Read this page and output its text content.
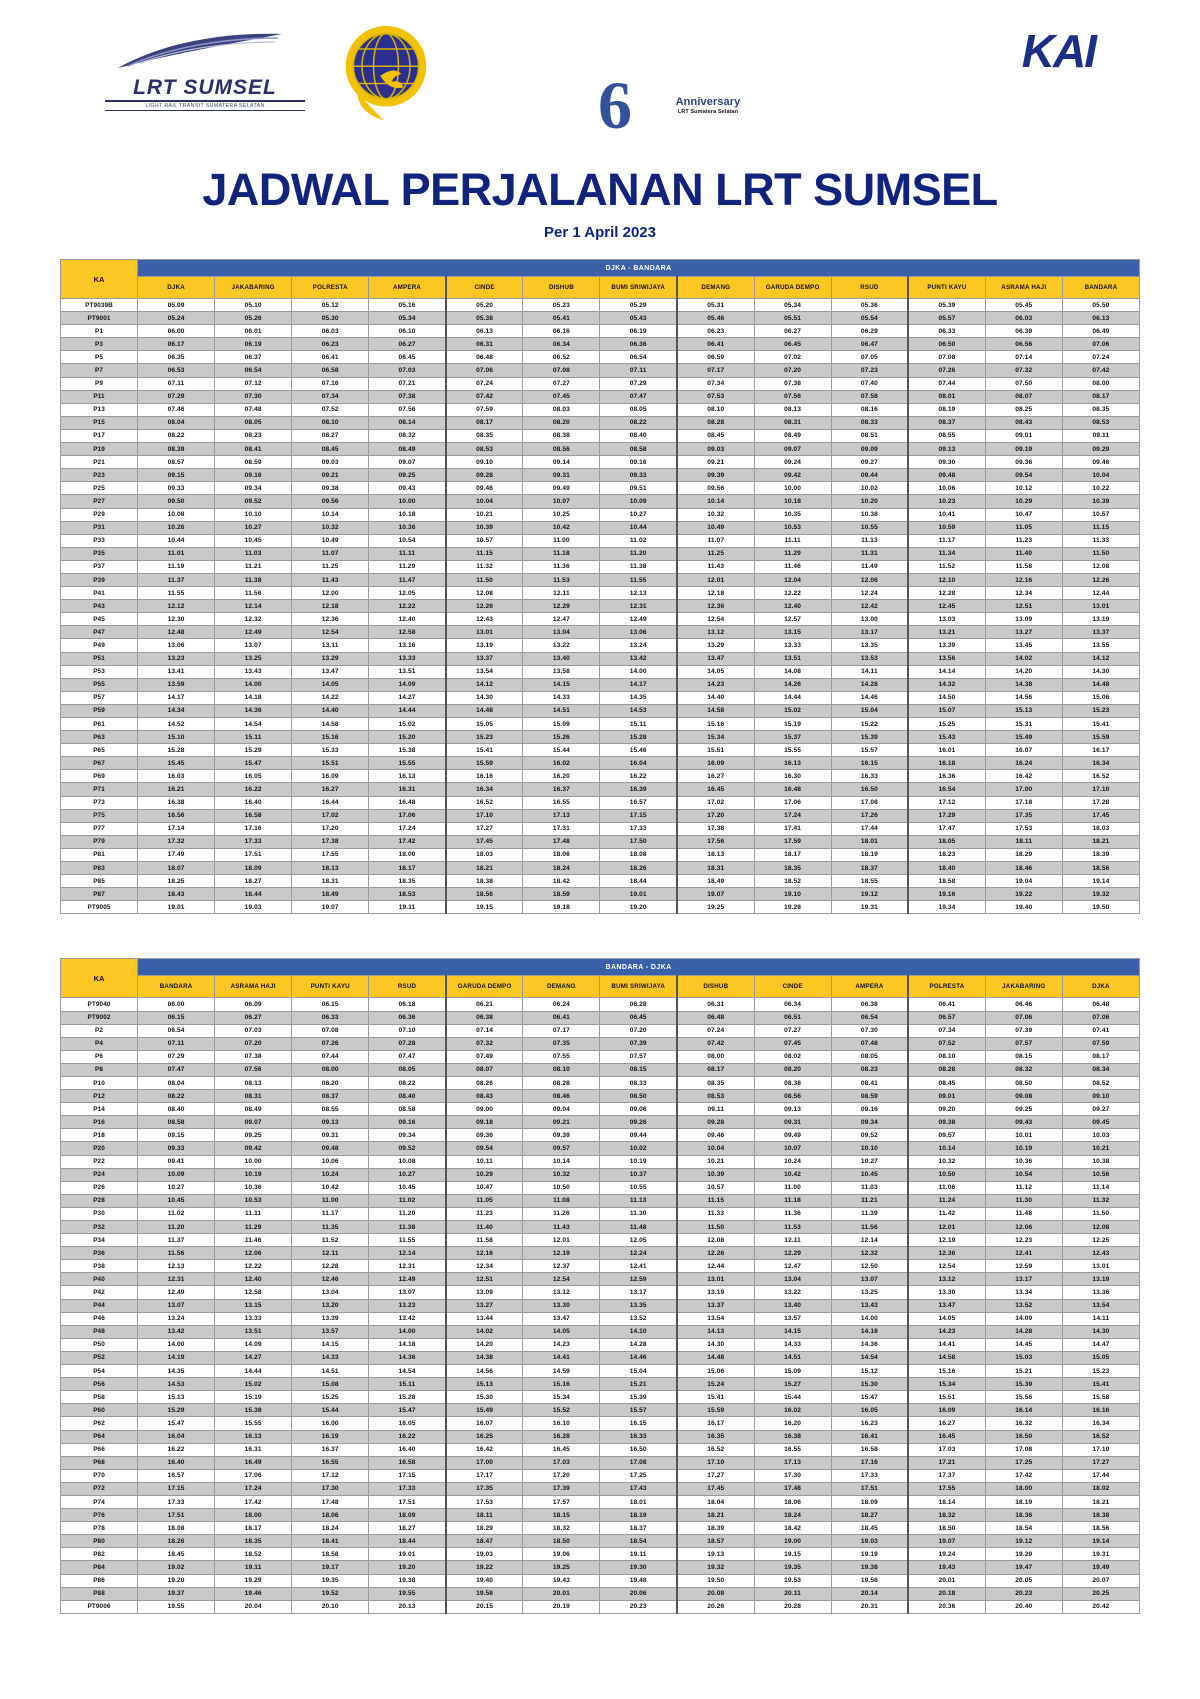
LRT SUMSEL
LIGHT RAIL TRANSIT SUMATERA SELATAN	6	Anniversary
LRT Sumatera Selatan
KAI
JADWAL PERJALANAN LRT SUMSEL
Per 1 April 2023
KA	DJKA - BANDARA												
	DJKA	JAKABARING	POLRESTA	AMPERA	CINDE	DISHUB	BUMI SRIWIJAYA	DEMANG	GARUDA DEMPO	RSUD	PUNTI KAYU	ASRAMA HAJI	BANDARA
PT9039B	05.09	05.10	05.12	05.16	05.20	05.23	05.29	05.31	05.34	05.36	05.39	05.45	05.50
PT9001	05.24	05.26	05.30	05.34	05.38	05.41	05.43	05.46	05.51	05.54	05.57	06.03	06.13
P1	06.00	06.01	06.03	06.10	06.13	06.16	06.19	06.23	06.27	06.29	06.33	06.39	06.49
P3	06.17	06.19	06.23	06.27	06.31	06.34	06.36	06.41	06.45	06.47	06.50	06.56	07.06
P5	06.35	06.37	06.41	06.45	06.48	06.52	06.54	06.59	07.02	07.05	07.08	07.14	07.24
P7	06.53	06.54	06.58	07.03	07.06	07.08	07.11	07.17	07.20	07.23	07.26	07.32	07.42
P9	07.11	07.12	07.16	07.21	07.24	07.27	07.29	07.34	07.38	07.40	07.44	07.50	08.00
P11	07.29	07.30	07.34	07.38	07.42	07.45	07.47	07.53	07.56	07.58	08.01	08.07	08.17
P13	07.46	07.48	07.52	07.56	07.59	08.03	08.05	08.10	08.13	08.16	08.19	08.25	08.35
P15	08.04	08.05	08.10	08.14	08.17	08.20	08.22	08.28	08.31	08.33	08.37	08.43	08.53
P17	08.22	08.23	08.27	08.32	08.35	08.38	08.40	08.45	08.49	08.51	08.55	09.01	09.11
P19	08.39	08.41	08.45	08.49	08.53	08.56	08.58	09.03	09.07	09.09	09.13	09.19	09.29
P21	08.57	08.59	09.03	09.07	09.10	09.14	09.16	09.21	09.24	09.27	09.30	09.36	09.46
P23	09.15	09.16	09.21	09.25	09.28	09.31	09.33	09.39	09.42	09.44	09.48	09.54	10.04
P25	09.33	09.34	09.38	09.43	09.46	09.49	09.51	09.56	10.00	10.02	10.06	10.12	10.22
P27	09.50	09.52	09.56	10.00	10.04	10.07	10.09	10.14	10.18	10.20	10.23	10.29	10.39
P29	10.08	10.10	10.14	10.18	10.21	10.25	10.27	10.32	10.35	10.38	10.41	10.47	10.57
P31	10.26	10.27	10.32	10.36	10.39	10.42	10.44	10.49	10.53	10.55	10.59	11.05	11.15
P33	10.44	10.45	10.49	10.54	10.57	11.00	11.02	11.07	11.11	11.13	11.17	11.23	11.33
P35	11.01	11.03	11.07	11.11	11.15	11.18	11.20	11.25	11.29	11.31	11.34	11.40	11.50
P37	11.19	11.21	11.25	11.29	11.32	11.36	11.38	11.43	11.46	11.49	11.52	11.58	12.08
P39	11.37	11.38	11.43	11.47	11.50	11.53	11.55	12.01	12.04	12.06	12.10	12.16	12.26
P41	11.55	11.56	12.00	12.05	12.08	12.11	12.13	12.18	12.22	12.24	12.28	12.34	12.44
P43	12.12	12.14	12.18	12.22	12.26	12.29	12.31	12.36	12.40	12.42	12.45	12.51	13.01
P45	12.30	12.32	12.36	12.40	12.43	12.47	12.49	12.54	12.57	13.00	13.03	13.09	13.19
P47	12.48	12.49	12.54	12.58	13.01	13.04	13.06	13.12	13.15	13.17	13.21	13.27	13.37
P49	13.06	13.07	13.11	13.16	13.19	13.22	13.24	13.29	13.33	13.35	13.39	13.45	13.55
P51	13.23	13.25	13.29	13.33	13.37	13.40	13.42	13.47	13.51	13.53	13.56	14.02	14.12
P53	13.41	13.43	13.47	13.51	13.54	13.58	14.00	14.05	14.08	14.11	14.14	14.20	14.30
P55	13.59	14.00	14.05	14.09	14.12	14.15	14.17	14.23	14.26	14.28	14.32	14.38	14.48
P57	14.17	14.18	14.22	14.27	14.30	14.33	14.35	14.40	14.44	14.46	14.50	14.56	15.06
P59	14.34	14.36	14.40	14.44	14.48	14.51	14.53	14.58	15.02	15.04	15.07	15.13	15.23
P61	14.52	14.54	14.58	15.02	15.05	15.09	15.11	15.16	15.19	15.22	15.25	15.31	15.41
P63	15.10	15.11	15.16	15.20	15.23	15.26	15.28	15.34	15.37	15.39	15.43	15.49	15.59
P65	15.28	15.29	15.33	15.38	15.41	15.44	15.46	15.51	15.55	15.57	16.01	16.07	16.17
P67	15.45	15.47	15.51	15.55	15.59	16.02	16.04	16.09	16.13	16.15	16.18	16.24	16.34
P69	16.03	16.05	16.09	16.13	16.16	16.20	16.22	16.27	16.30	16.33	16.36	16.42	16.52
P71	16.21	16.22	16.27	16.31	16.34	16.37	16.39	16.45	16.48	16.50	16.54	17.00	17.10
P73	16.38	16.40	16.44	16.48	16.52	16.55	16.57	17.02	17.06	17.08	17.12	17.18	17.28
P75	16.56	16.58	17.02	17.06	17.10	17.13	17.15	17.20	17.24	17.26	17.29	17.35	17.45
P77	17.14	17.16	17.20	17.24	17.27	17.31	17.33	17.38	17.41	17.44	17.47	17.53	18.03
P79	17.32	17.33	17.38	17.42	17.45	17.48	17.50	17.56	17.59	18.01	18.05	18.11	18.21
P81	17.49	17.51	17.55	18.00	18.03	18.06	18.08	18.13	18.17	18.19	18.23	18.29	18.39
P83	18.07	18.09	18.13	18.17	18.21	18.24	18.26	18.31	18.35	18.37	18.40	18.46	18.56
P85	18.25	18.27	18.31	18.35	18.38	18.42	18.44	18.49	18.52	18.55	18.58	19.04	19.14
P87	18.43	18.44	18.49	18.53	18.56	18.59	19.01	19.07	19.10	19.12	19.16	19.22	19.32
PT9005	19.01	19.03	19.07	19.11	19.15	19.18	19.20	19.25	19.28	19.31	19.34	19.40	19.50
KA	BANDARA - DJKA												
	BANDARA	ASRAMA HAJI	PUNTI KAYU	RSUD	GARUDA DEMPO	DEMANG	BUMI SRIWIJAYA	DISHUB	CINDE	AMPERA	POLRESTA	JAKABARING	DJKA
PT9040	06.00	06.09	06.15	06.18	06.21	06.24	06.28	06.31	06.34	06.38	06.41	06.46	06.48
PT9002	06.15	06.27	06.33	06.36	06.38	06.41	06.45	06.48	06.51	06.54	06.57	07.06	07.06
P2	06.54	07.03	07.08	07.10	07.14	07.17	07.20	07.24	07.27	07.30	07.34	07.39	07.41
P4	07.11	07.20	07.26	07.28	07.32	07.35	07.39	07.42	07.45	07.48	07.52	07.57	07.59
P6	07.29	07.38	07.44	07.47	07.49	07.55	07.57	08.00	08.02	08.05	08.10	08.15	08.17
P8	07.47	07.56	08.00	08.05	08.07	08.10	08.15	08.17	08.20	08.23	08.28	08.32	08.34
P10	08.04	08.13	08.20	08.22	08.26	08.28	08.33	08.35	08.38	08.41	08.45	08.50	08.52
P12	08.22	08.31	08.37	08.40	08.43	08.46	08.50	08.53	08.56	08.59	09.01	09.08	09.10
P14	08.40	08.49	08.55	08.58	09.00	09.04	09.06	09.11	09.13	09.16	09.20	09.25	09.27
P16	08.58	09.07	09.13	09.16	09.18	09.21	09.26	09.28	09.31	09.34	09.38	09.43	09.45
P18	09.15	09.25	09.31	09.34	09.36	09.39	09.44	09.46	09.49	09.52	09.57	10.01	10.03
P20	09.33	09.42	09.48	09.52	09.54	09.57	10.02	10.04	10.07	10.10	10.14	10.19	10.21
P22	09.41	10.00	10.06	10.08	10.11	10.14	10.19	10.21	10.24	10.27	10.32	10.36	10.38
P24	10.09	10.19	10.24	10.27	10.29	10.32	10.37	10.39	10.42	10.45	10.50	10.54	10.56
P26	10.27	10.36	10.42	10.45	10.47	10.50	10.55	10.57	11.00	11.03	11.06	11.12	11.14
P28	10.45	10.53	11.00	11.02	11.05	11.08	11.13	11.15	11.18	11.21	11.24	11.30	11.32
P30	11.02	11.11	11.17	11.20	11.23	11.26	11.30	11.33	11.36	11.39	11.42	11.48	11.50
P32	11.20	11.29	11.35	11.38	11.40	11.43	11.48	11.50	11.53	11.56	12.01	12.06	12.08
P34	11.37	11.46	11.52	11.55	11.58	12.01	12.05	12.08	12.11	12.14	12.19	12.23	12.25
P36	11.56	12.06	12.11	12.14	12.16	12.19	12.24	12.26	12.29	12.32	12.36	12.41	12.43
P38	12.13	12.22	12.28	12.31	12.34	12.37	12.41	12.44	12.47	12.50	12.54	12.59	13.01
P40	12.31	12.40	12.46	12.49	12.51	12.54	12.59	13.01	13.04	13.07	13.12	13.17	13.19
P42	12.49	12.58	13.04	13.07	13.09	13.12	13.17	13.19	13.22	13.25	13.30	13.34	13.36
P44	13.07	13.15	13.20	13.23	13.27	13.30	13.35	13.37	13.40	13.43	13.47	13.52	13.54
P46	13.24	13.33	13.39	13.42	13.44	13.47	13.52	13.54	13.57	14.00	14.05	14.09	14.11
P48	13.42	13.51	13.57	14.00	14.02	14.05	14.10	14.13	14.15	14.18	14.23	14.28	14.30
P50	14.00	14.09	14.15	14.18	14.20	14.23	14.28	14.30	14.33	14.36	14.41	14.45	14.47
P52	14.19	14.27	14.33	14.36	14.38	14.41	14.46	14.48	14.51	14.54	14.58	15.03	15.05
P54	14.35	14.44	14.51	14.54	14.56	14.59	15.04	15.06	15.09	15.12	15.16	15.21	15.23
P56	14.53	15.02	15.08	15.11	15.13	15.16	15.21	15.24	15.27	15.30	15.34	15.39	15.41
P58	15.13	15.19	15.25	15.28	15.30	15.34	15.39	15.41	15.44	15.47	15.51	15.56	15.58
P60	15.29	15.38	15.44	15.47	15.49	15.52	15.57	15.59	16.02	16.05	16.09	16.14	16.16
P62	15.47	15.55	16.00	16.05	16.07	16.10	16.15	16.17	16.20	16.23	16.27	16.32	16.34
P64	16.04	16.13	16.19	16.22	16.25	16.28	16.33	16.35	16.38	16.41	16.45	16.50	16.52
P66	16.22	16.31	16.37	16.40	16.42	16.45	16.50	16.52	16.55	16.58	17.03	17.08	17.10
P68	16.40	16.49	16.55	16.58	17.00	17.03	17.08	17.10	17.13	17.16	17.21	17.25	17.27
P70	16.57	17.06	17.12	17.15	17.17	17.20	17.25	17.27	17.30	17.33	17.37	17.42	17.44
P72	17.15	17.24	17.30	17.33	17.35	17.39	17.43	17.45	17.48	17.51	17.55	18.00	18.02
P74	17.33	17.42	17.48	17.51	17.53	17.57	18.01	18.04	18.06	18.09	18.14	18.19	18.21
P76	17.51	18.00	18.06	18.09	18.11	18.15	18.19	18.21	18.24	18.27	18.32	18.36	18.38
P78	18.08	18.17	18.24	18.27	18.29	18.32	18.37	18.39	18.42	18.45	18.50	18.54	18.56
P80	18.26	18.35	18.41	18.44	18.47	18.50	18.54	18.57	19.00	19.03	19.07	19.12	19.14
P82	18.45	18.52	18.58	19.01	19.03	19.06	19.11	19.13	19.15	19.19	19.24	19.29	19.31
P84	19.02	19.11	19.17	19.20	19.22	19.25	19.30	19.32	19.35	19.38	19.43	19.47	19.49
P86	19.20	19.29	19.35	19.38	19.40	19.43	19.48	19.50	19.53	19.56	20.01	20.05	20.07
P88	19.37	19.46	19.52	19.55	19.58	20.01	20.06	20.08	20.11	20.14	20.18	20.23	20.25
PT9006	19.55	20.04	20.10	20.13	20.15	20.19	20.23	20.26	20.28	20.31	20.36	20.40	20.42
